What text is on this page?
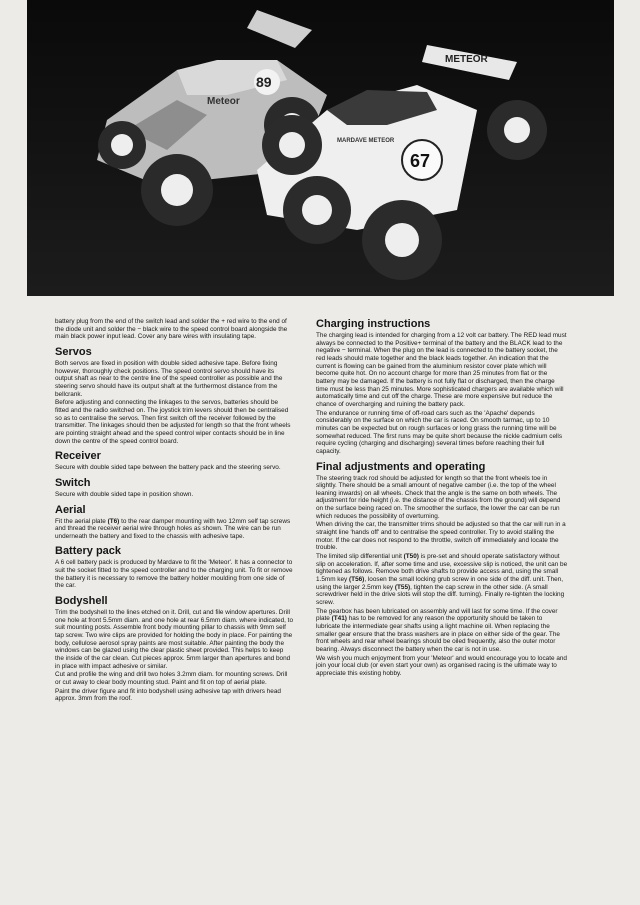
89
Meteor
METEOR
67
MARDAVE METEOR

battery plug from the end of the switch lead and solder the + red wire to the end of the diode unit and solder the − black wire to the speed control board alongside the main black power input lead. Cover any bare wires with insulating tape.

Servos

Both servos are fixed in position with double sided adhesive tape. Before fixing however, thoroughly check positions. The speed control servo should have its output shaft as near to the centre line of the speed controller as possible and the steering servo should have its output shaft at the furthermost distance from the bellcrank.

Before adjusting and connecting the linkages to the servos, batteries should be fitted and the radio switched on. The joystick trim levers should then be centralised so as to centralise the servos. Then first switch off the receiver followed by the transmitter. The linkages should then be adjusted for length so that the front wheels are pointing straight ahead and the speed control wiper contacts should be in line down the centre of the speed control board.

Receiver

Secure with double sided tape between the battery pack and the steering servo.

Switch

Secure with double sided tape in position shown.

Aerial

Fit the aerial plate (T6) to the rear damper mounting with two 12mm self tap screws and thread the receiver aerial wire through holes as shown. The wire can be run underneath the battery and fixed to the chassis with adhesive tape.

Battery pack

A 6 cell battery pack is produced by Mardave to fit the 'Meteor'. It has a connector to suit the socket fitted to the speed controller and to the charging unit. To fit or remove the battery it is necessary to remove the battery holder moulding from one side of the car.

Bodyshell

Trim the bodyshell to the lines etched on it. Drill, cut and file window apertures. Drill one hole at front 5.5mm diam. and one hole at rear 6.5mm diam. where indicated, to suit mounting posts. Assemble front body mounting pillar to chassis with 9mm self tap screw. Two wire clips are provided for holding the body in place. For painting the body, cellulose aerosol spray paints are most suitable. After painting the body the windows can be glazed using the clear plastic sheet provided. This helps to keep the inside of the car clean. Cut pieces approx. 5mm larger than apertures and bond in place with impact adhesive or similar.

Cut and profile the wing and drill two holes 3.2mm diam. for mounting screws. Drill or cut away to clear body mounting stud. Paint and fit on top of aerial plate.

Paint the driver figure and fit into bodyshell using adhesive tap with drivers head approx. 3mm from the roof.

Charging instructions

The charging lead is intended for charging from a 12 volt car battery. The RED lead must always be connected to the Positive+ terminal of the battery and the BLACK lead to the negative − terminal. When the plug on the lead is connected to the battery socket, the red leads should mate together and the black leads together. An indication that the current is flowing can be gained from the aluminium resistor cover plate which will become quite hot. On no account charge for more than 25 minutes from flat or the battery may be damaged. If the battery is not fully flat or discharged, then the charge time must be less than 25 minutes. More sophisticated chargers are available which will automatically time and cut off the charge. These are more expensive but reduce the chance of overcharging and ruining the battery pack.

The endurance or running time of off-road cars such as the 'Apache' depends considerably on the surface on which the car is raced. On smooth tarmac, up to 10 minutes can be expected but on rough surfaces or long grass the running time will be somewhat reduced. The first runs may be quite short because the nickle cadmium cells require cycling (charging and discharging) several times before reaching their full capacity.

Final adjustments and operating

The steering track rod should be adjusted for length so that the front wheels toe in slightly. There should be a small amount of negative camber (i.e. the top of the wheel leaning inwards) on all wheels. Check that the angle is the same on both wheels. The adjustment for ride height (i.e. the distance of the chassis from the ground) will depend on the surface being raced on. The smoother the surface, the lower the car can be run which reduces the possibility of overturning.

When driving the car, the transmitter trims should be adjusted so that the car will run in a straight line 'hands off' and to centralise the speed controller. Try to avoid stalling the motor. If the car does not respond to the throttle, switch off immediately and locate the trouble.

The limited slip differential unit (T50) is pre-set and should operate satisfactory without slip on acceleration. If, after some time and use, excessive slip is noticed, the unit can be tightened as follows. Remove both drive shafts to provide access and, using the small 1.5mm key (T56), loosen the small locking grub screw in one side of the diff. unit. Then, using the larger 2.5mm key (T55), tighten the cap screw in the other side. (A small screwdriver held in the drive slots will stop the diff. turning). Finally re-tighten the locking screw.

The gearbox has been lubricated on assembly and will last for some time. If the cover plate (T41) has to be removed for any reason the opportunity should be taken to lubricate the intermediate gear shafts using a light machine oil. When replacing the smaller gear ensure that the brass washers are in place on either side of the gear. The front wheels and rear wheel bearings should be oiled frequently, also the outer motor bearing. Always disconnect the battery when the car is not in use.

We wish you much enjoyment from your 'Meteor' and would encourage you to locate and join your local club (or even start your own) as organised racing is the ultimate way to appreciate this existing hobby.
